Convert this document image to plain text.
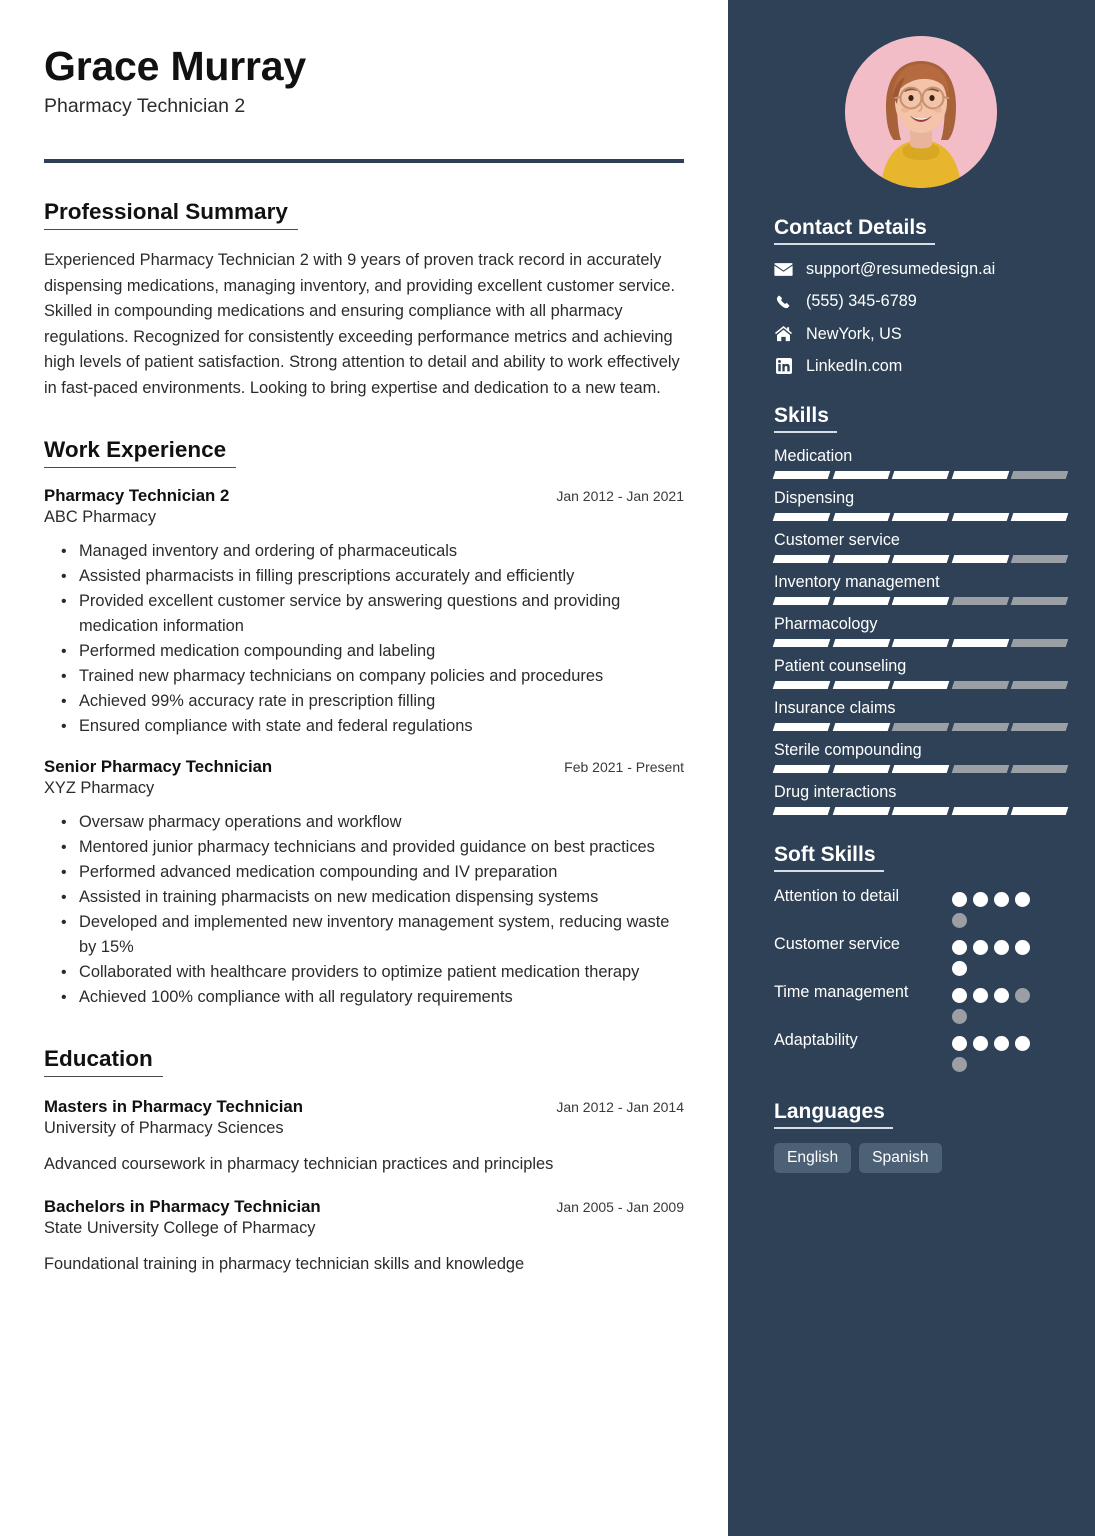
Grace Murray
Pharmacy Technician 2
Professional Summary
Experienced Pharmacy Technician 2 with 9 years of proven track record in accurately dispensing medications, managing inventory, and providing excellent customer service. Skilled in compounding medications and ensuring compliance with all pharmacy regulations. Recognized for consistently exceeding performance metrics and achieving high levels of patient satisfaction. Strong attention to detail and ability to work effectively in fast-paced environments. Looking to bring expertise and dedication to a new team.
Work Experience
Pharmacy Technician 2	Jan 2012 - Jan 2021
ABC Pharmacy
• Managed inventory and ordering of pharmaceuticals
• Assisted pharmacists in filling prescriptions accurately and efficiently
• Provided excellent customer service by answering questions and providing medication information
• Performed medication compounding and labeling
• Trained new pharmacy technicians on company policies and procedures
• Achieved 99% accuracy rate in prescription filling
• Ensured compliance with state and federal regulations
Senior Pharmacy Technician	Feb 2021 - Present
XYZ Pharmacy
• Oversaw pharmacy operations and workflow
• Mentored junior pharmacy technicians and provided guidance on best practices
• Performed advanced medication compounding and IV preparation
• Assisted in training pharmacists on new medication dispensing systems
• Developed and implemented new inventory management system, reducing waste by 15%
• Collaborated with healthcare providers to optimize patient medication therapy
• Achieved 100% compliance with all regulatory requirements
Education
Masters in Pharmacy Technician	Jan 2012 - Jan 2014
University of Pharmacy Sciences
Advanced coursework in pharmacy technician practices and principles
Bachelors in Pharmacy Technician	Jan 2005 - Jan 2009
State University College of Pharmacy
Foundational training in pharmacy technician skills and knowledge
Contact Details
support@resumedesign.ai
(555) 345-6789
NewYork, US
LinkedIn.com
Skills
Medication
Dispensing
Customer service
Inventory management
Pharmacology
Patient counseling
Insurance claims
Sterile compounding
Drug interactions
Soft Skills
Attention to detail
Customer service
Time management
Adaptability
Languages
English	Spanish
